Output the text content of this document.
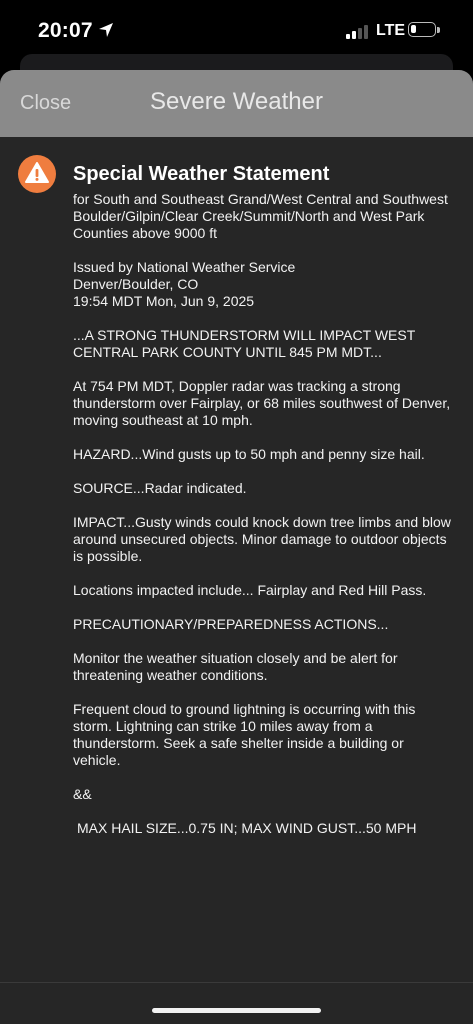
20:07	LTE
Close	Severe Weather

Special Weather Statement

for South and Southeast Grand/West Central and Southwest Boulder/Gilpin/Clear Creek/Summit/North and West Park Counties above 9000 ft

Issued by National Weather Service

Denver/Boulder, CO

19:54 MDT Mon, Jun 9, 2025

...A STRONG THUNDERSTORM WILL IMPACT WEST CENTRAL PARK COUNTY UNTIL 845 PM MDT...

At 754 PM MDT, Doppler radar was tracking a strong thunderstorm over Fairplay, or 68 miles southwest of Denver, moving southeast at 10 mph.

HAZARD...Wind gusts up to 50 mph and penny size hail.

SOURCE...Radar indicated.

IMPACT...Gusty winds could knock down tree limbs and blow around unsecured objects. Minor damage to outdoor objects is possible.

Locations impacted include... Fairplay and Red Hill Pass.

PRECAUTIONARY/PREPAREDNESS ACTIONS...

Monitor the weather situation closely and be alert for threatening weather conditions.

Frequent cloud to ground lightning is occurring with this storm. Lightning can strike 10 miles away from a thunderstorm. Seek a safe shelter inside a building or vehicle.

&&

MAX HAIL SIZE...0.75 IN; MAX WIND GUST...50 MPH
